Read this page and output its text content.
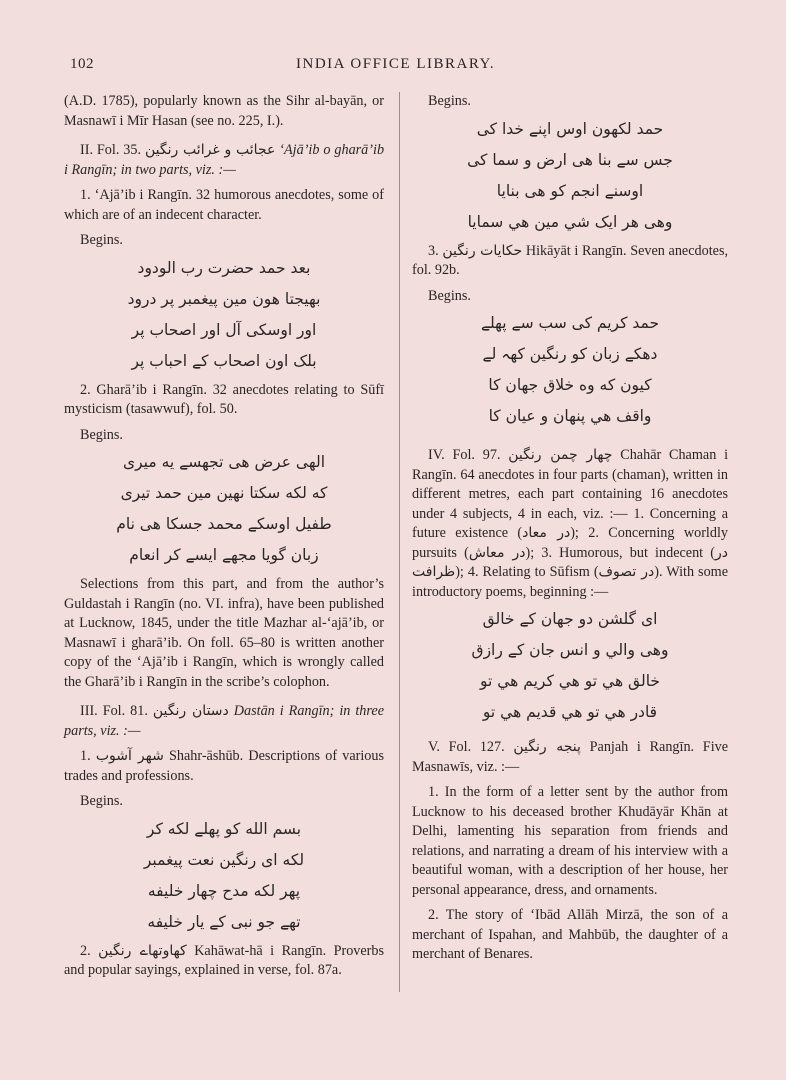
102	INDIA OFFICE LIBRARY.

(A.D. 1785), popularly known as the Sihr al-bayān, or Masnawī i Mīr Hasan (see no. 225, I.).

II. Fol. 35. عجائب و غرائب رنگین ‘Ajā’ib o gharā’ib i Rangīn; in two parts, viz. :—

1. ‘Ajā’ib i Rangīn. 32 humorous anecdotes, some of which are of an indecent character.

Begins.

بعد حمد حضرت رب الودود
بهیجتا هون مین پیغمبر پر درود
اور اوسکی آل اور اصحاب پر
بلک اون اصحاب کے احباب پر

2. Gharā’ib i Rangīn. 32 anecdotes relating to Sūfī mysticism (tasawwuf), fol. 50.

Begins.

الهی عرض هی تجهسے یه میری
که لکه سکتا نهین مین حمد تیری
طفیل اوسکے محمد جسکا هی نام
زبان گویا مجهے ایسے کر انعام

Selections from this part, and from the author’s Guldastah i Rangīn (no. VI. infra), have been published at Lucknow, 1845, under the title Mazhar al-‘ajā’ib, or Masnawī i gharā’ib. On foll. 65–80 is written another copy of the ‘Ajā’ib i Rangīn, which is wrongly called the Gharā’ib i Rangīn in the scribe’s colophon.

III. Fol. 81. دستان رنگین Dastān i Rangīn; in three parts, viz. :—

1. شهر آشوب Shahr-āshūb. Descriptions of various trades and professions.

Begins.

بسم الله کو پهلے لکه کر
لکه ای رنگین نعت پیغمبر
پهر لکه مدح چهار خلیفه
تهے جو نبی کے یار خلیفه

2. کهاوتهاے رنگین Kahāwat-hā i Rangīn. Proverbs and popular sayings, explained in verse, fol. 87a.

Begins.

حمد لکهون اوس اپنے خدا کی
جس سے بنا هی ارض و سما کی
اوسنے انجم کو هی بنایا
وهی هر ایک شي مین هي سمایا

3. حکایات رنگین Hikāyāt i Rangīn. Seven anecdotes, fol. 92b.

Begins.

حمد کریم کی سب سے پهلے
دهکے زبان کو رنگین کهہ لے
کیون که وه خلاق جهان کا
واقف هي پنهان و عیان کا

IV. Fol. 97. چهار چمن رنگین Chahār Chaman i Rangīn. 64 anecdotes in four parts (chaman), written in different metres, each part containing 16 anecdotes under 4 subjects, 4 in each, viz. :— 1. Concerning a future existence (در معاد); 2. Concerning worldly pursuits (در معاش); 3. Humorous, but indecent (در ظرافت); 4. Relating to Sūfism (در تصوف). With some introductory poems, beginning :—

ای گلشن دو جهان کے خالق
وهی والي و انس جان کے رازق
خالق هي تو هي کریم هي تو
قادر هي تو هي قدیم هي تو

V. Fol. 127. پنجه رنگین Panjah i Rangīn. Five Masnawīs, viz. :—

1. In the form of a letter sent by the author from Lucknow to his deceased brother Khudāyār Khān at Delhi, lamenting his separation from friends and relations, and narrating a dream of his interview with a beautiful woman, with a description of her house, her personal appearance, dress, and ornaments.

2. The story of ‘Ibād Allāh Mirzā, the son of a merchant of Ispahan, and Mahbūb, the daughter of a merchant of Benares.
